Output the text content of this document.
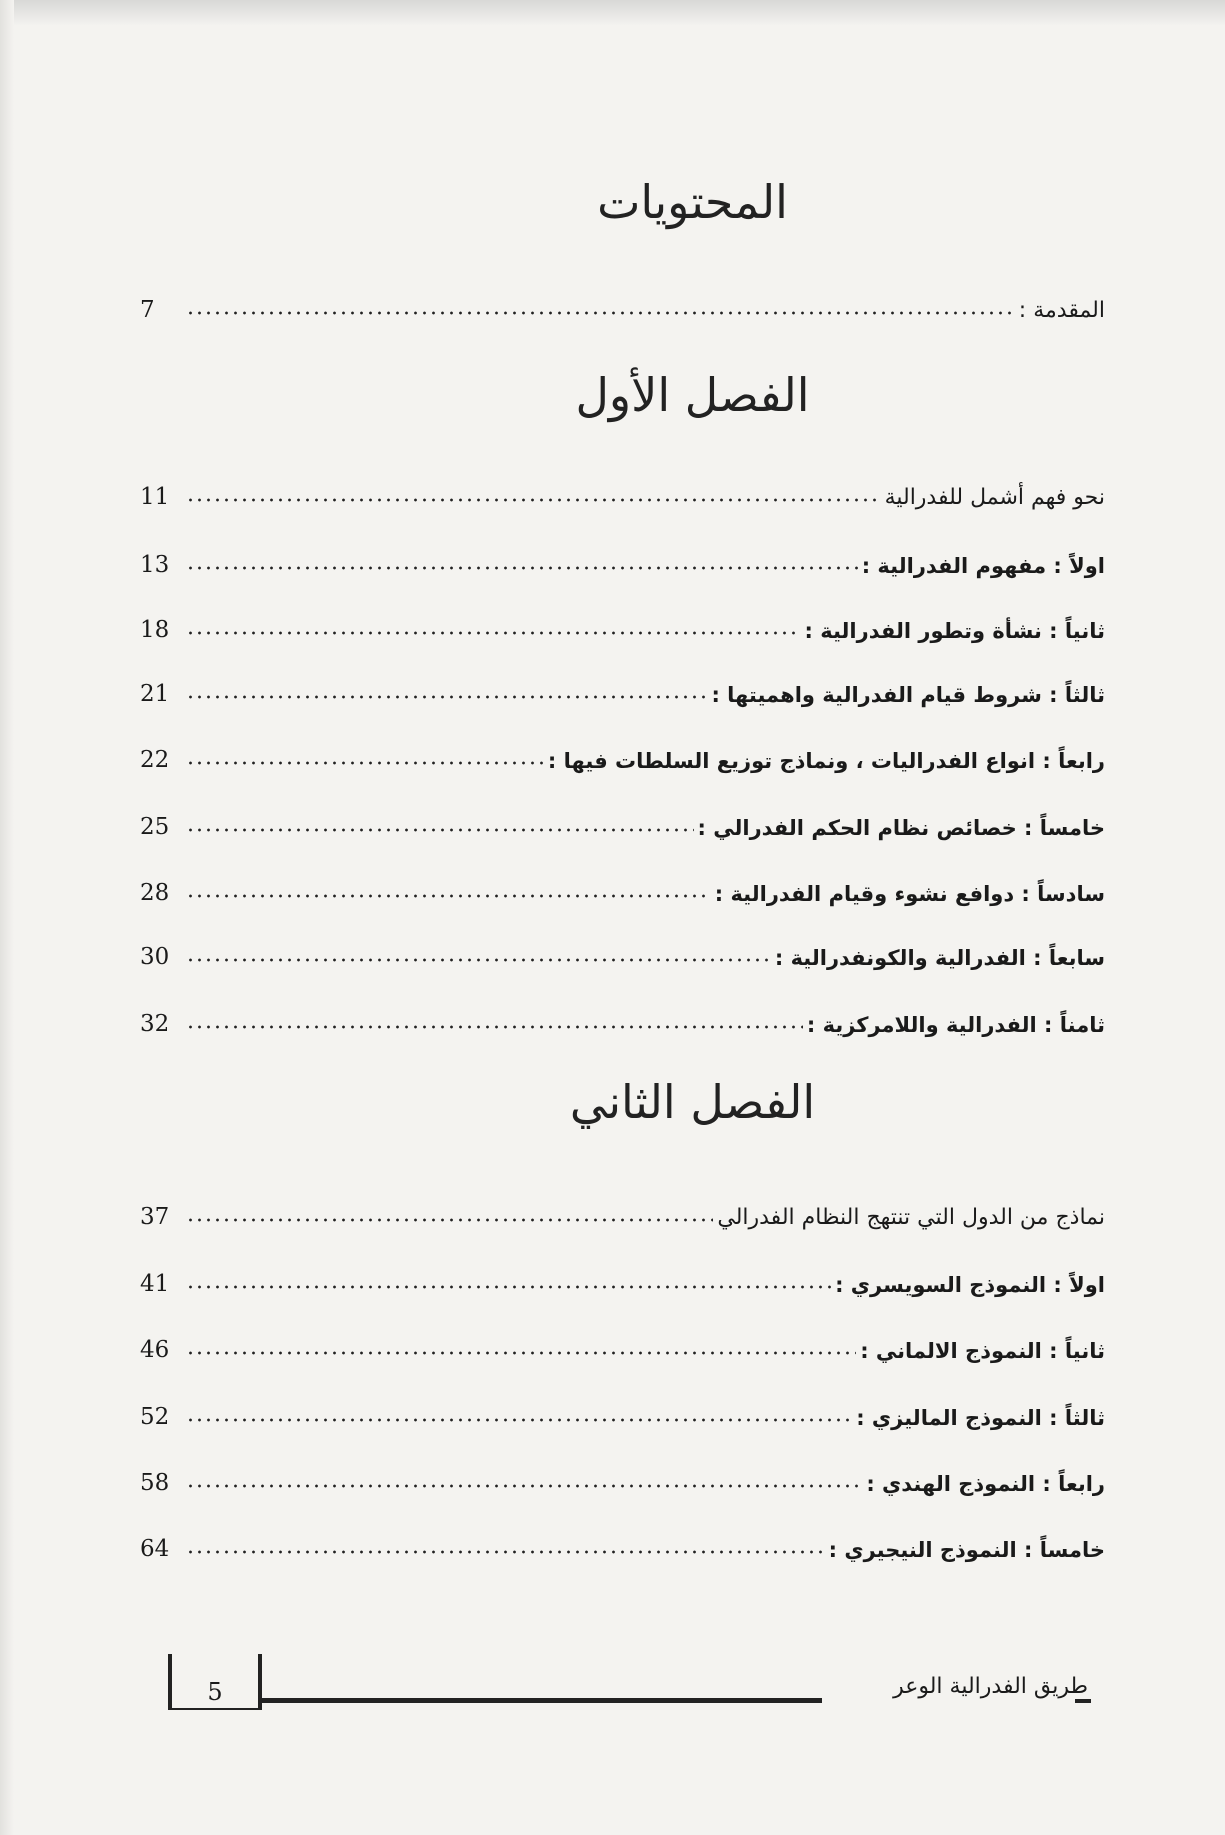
المحتويات
المقدمة :
7
الفصل الأول
نحو فهم أشمل للفدرالية
11
اولاً : مفهوم الفدرالية :
13
ثانياً : نشأة وتطور الفدرالية :
18
ثالثاً : شروط قيام الفدرالية واهميتها :
21
رابعاً : انواع الفدراليات ، ونماذج توزيع السلطات فيها :
22
خامساً : خصائص نظام الحكم الفدرالي :
25
سادساً : دوافع نشوء وقيام الفدرالية :
28
سابعاً : الفدرالية والكونفدرالية :
30
ثامناً : الفدرالية واللامركزية :
32
الفصل الثاني
نماذج من الدول التي تنتهج النظام الفدرالي
37
اولاً : النموذج السويسري :
41
ثانياً : النموذج الالماني :
46
ثالثاً : النموذج الماليزي :
52
رابعاً : النموذج الهندي :
58
خامساً : النموذج النيجيري :
64
طريق الفدرالية الوعر
5
